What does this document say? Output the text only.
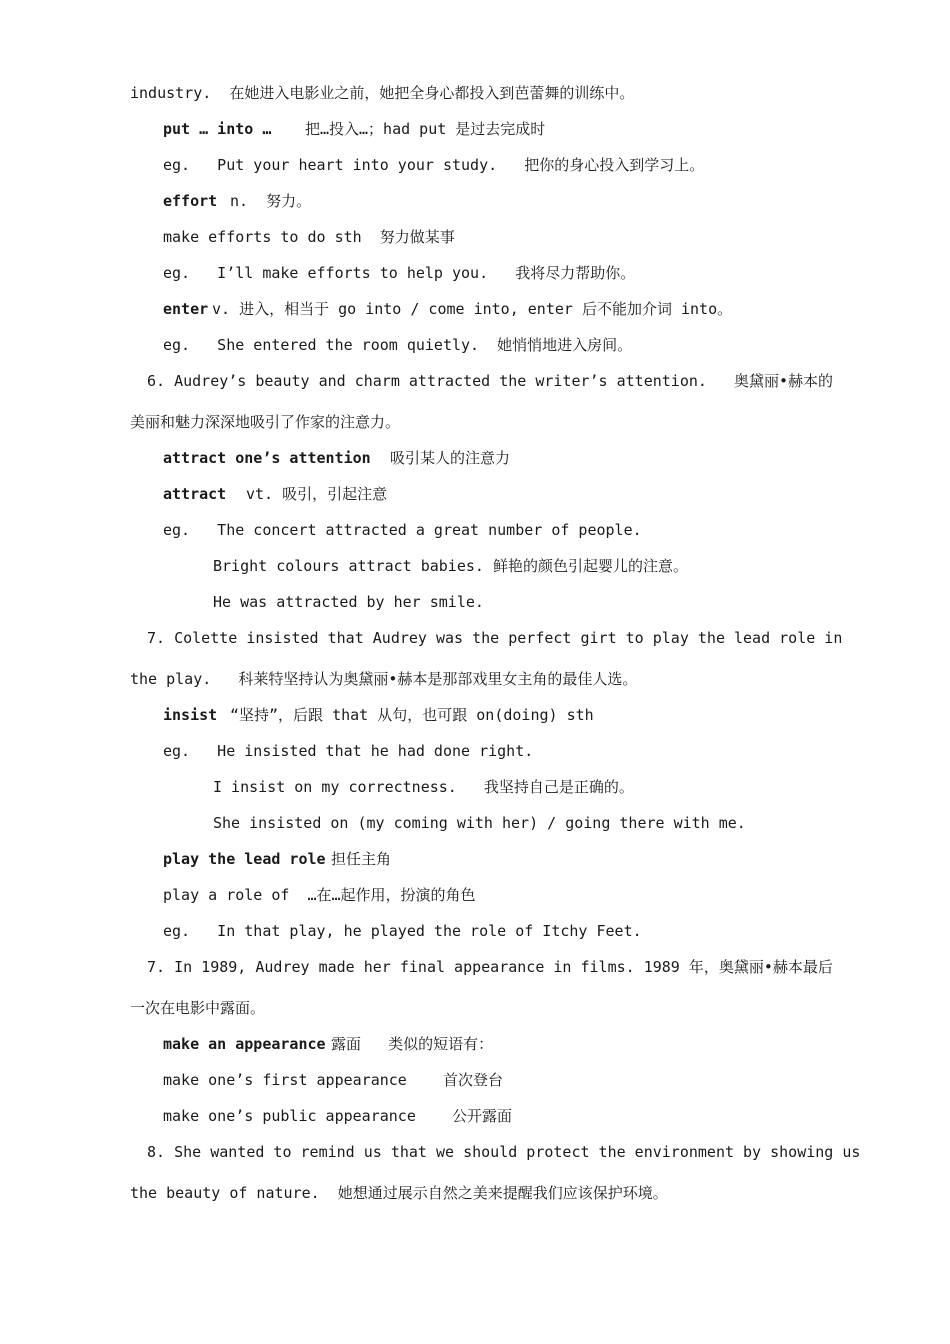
industry.  在她进入电影业之前，她把全身心都投入到芭蕾舞的训练中。
put … into … 把…投入…；had put 是过去完成时
eg.   Put your heart into your study.   把你的身心投入到学习上。
effort n.  努力。
make efforts to do sth  努力做某事
eg.   I’ll make efforts to help you.   我将尽力帮助你。
enter v. 进入，相当于 go into / come into, enter 后不能加介词 into。
eg.   She entered the room quietly.  她悄悄地进入房间。
6. Audrey’s beauty and charm attracted the writer’s attention.   奥黛丽•赫本的
美丽和魅力深深地吸引了作家的注意力。
attract one’s attention 吸引某人的注意力
attract vt. 吸引，引起注意
eg.   The concert attracted a great number of people.
Bright colours attract babies. 鲜艳的颜色引起婴儿的注意。
He was attracted by her smile.
7. Colette insisted that Audrey was the perfect girt to play the lead role in
the play.   科莱特坚持认为奥黛丽•赫本是那部戏里女主角的最佳人选。
insist “坚持”，后跟 that 从句，也可跟 on(doing) sth
eg.   He insisted that he had done right.
I insist on my correctness.   我坚持自己是正确的。
She insisted on (my coming with her) / going there with me.
play the lead role 担任主角
play a role of  …在…起作用，扮演的角色
eg.   In that play, he played the role of Itchy Feet.
7. In 1989, Audrey made her final appearance in films. 1989 年，奥黛丽•赫本最后
一次在电影中露面。
make an appearance 露面   类似的短语有：
make one’s first appearance    首次登台
make one’s public appearance    公开露面
8. She wanted to remind us that we should protect the environment by showing us
the beauty of nature.  她想通过展示自然之美来提醒我们应该保护环境。
